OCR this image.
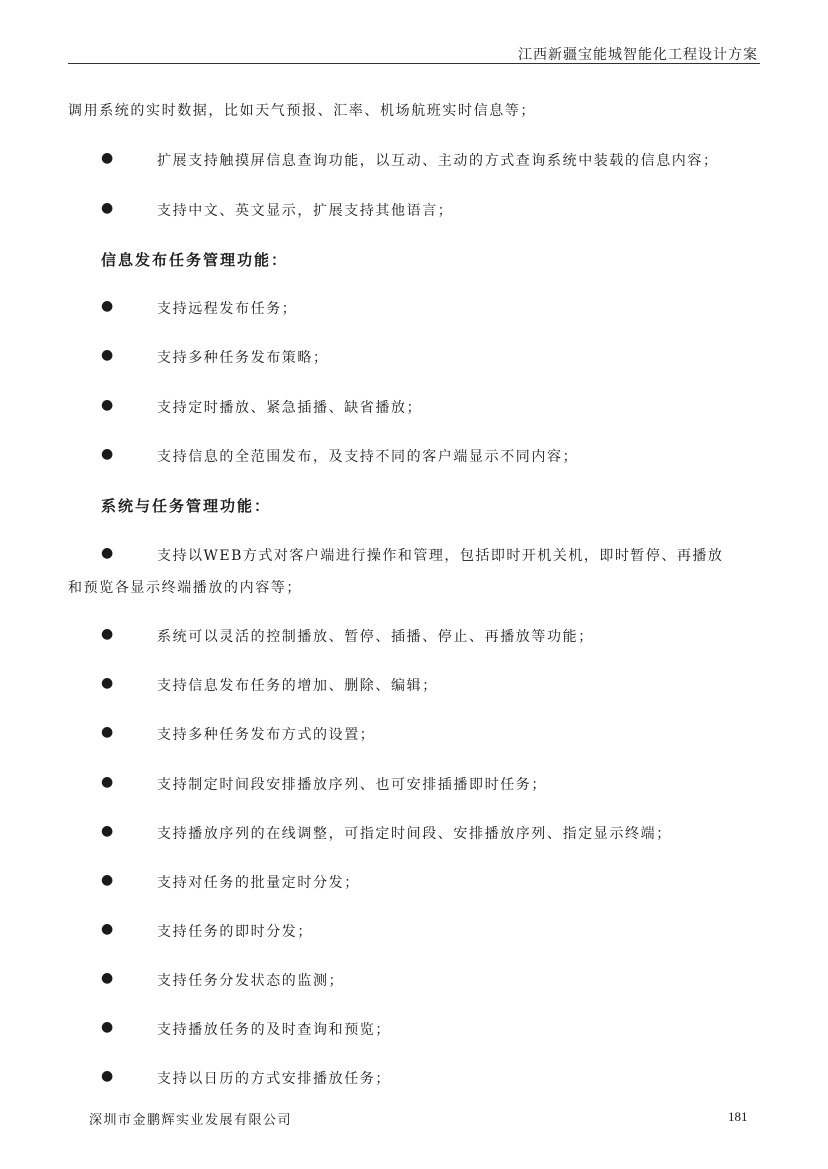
江西新疆宝能城智能化工程设计方案
调用系统的实时数据，比如天气预报、汇率、机场航班实时信息等；
●	扩展支持触摸屏信息查询功能，以互动、主动的方式查询系统中装载的信息内容；
●	支持中文、英文显示，扩展支持其他语言；
信息发布任务管理功能：
●	支持远程发布任务；
●	支持多种任务发布策略；
●	支持定时播放、紧急插播、缺省播放；
●	支持信息的全范围发布，及支持不同的客户端显示不同内容；
系统与任务管理功能：
●	支持以WEB方式对客户端进行操作和管理，包括即时开机关机，即时暂停、再播放
和预览各显示终端播放的内容等；
●	系统可以灵活的控制播放、暂停、插播、停止、再播放等功能；
●	支持信息发布任务的增加、删除、编辑；
●	支持多种任务发布方式的设置；
●	支持制定时间段安排播放序列、也可安排插播即时任务；
●	支持播放序列的在线调整，可指定时间段、安排播放序列、指定显示终端；
●	支持对任务的批量定时分发；
●	支持任务的即时分发；
●	支持任务分发状态的监测；
●	支持播放任务的及时查询和预览；
●	支持以日历的方式安排播放任务；
深圳市金鹏辉实业发展有限公司	181
